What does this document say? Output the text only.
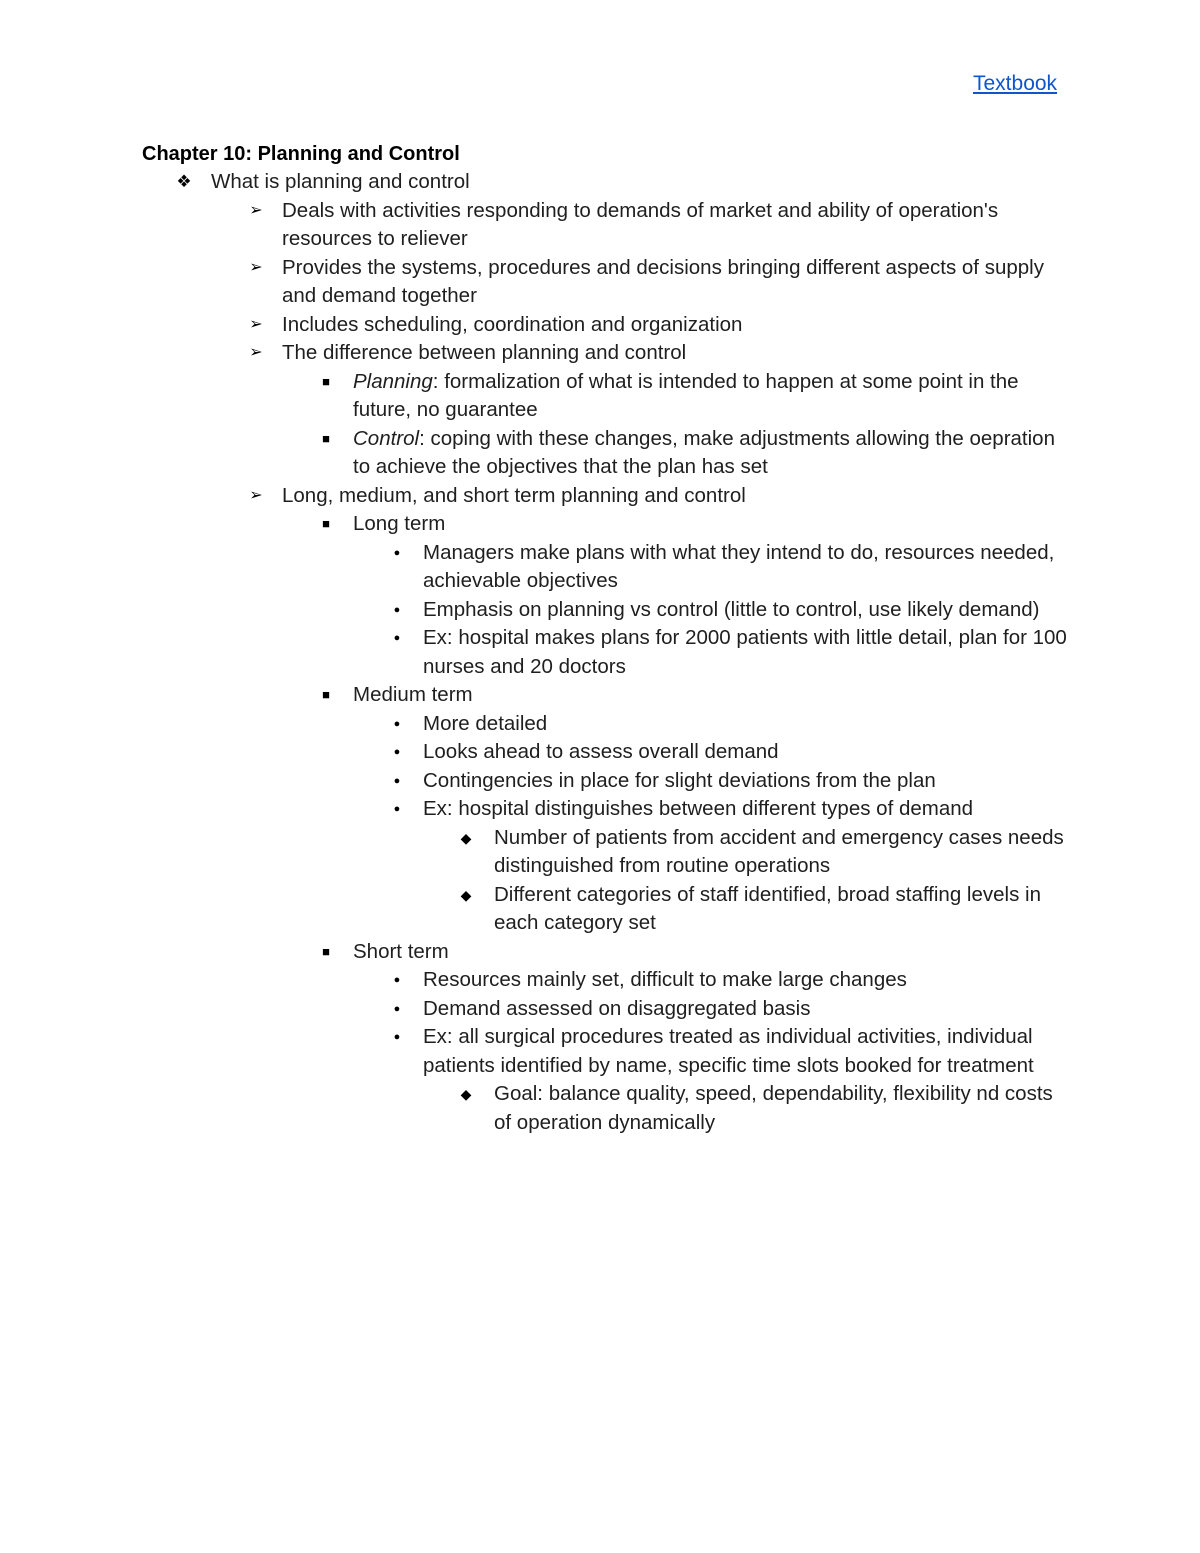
Textbook
Chapter 10: Planning and Control
❖ What is planning and control
➢ Deals with activities responding to demands of market and ability of operation's resources to reliever
➢ Provides the systems, procedures and decisions bringing different aspects of supply and demand together
➢ Includes scheduling, coordination and organization
➢ The difference between planning and control
■	Planning: formalization of what is intended to happen at some point in the future, no guarantee
■	Control: coping with these changes, make adjustments allowing the oepration to achieve the objectives that the plan has set
➢ Long, medium, and short term planning and control
■	Long term
●	Managers make plans with what they intend to do, resources needed, achievable objectives
●	Emphasis on planning vs control (little to control, use likely demand)
●	Ex: hospital makes plans for 2000 patients with little detail, plan for 100 nurses and 20 doctors
■	Medium term
●	More detailed
●	Looks ahead to assess overall demand
●	Contingencies in place for slight deviations from the plan
●	Ex: hospital distinguishes between different types of demand
◆	Number of patients from accident and emergency cases needs distinguished from routine operations
◆	Different categories of staff identified, broad staffing levels in each category set
■	Short term
●	Resources mainly set, difficult to make large changes
●	Demand assessed on disaggregated basis
●	Ex: all surgical procedures treated as individual activities, individual patients identified by name, specific time slots booked for treatment
◆	Goal: balance quality, speed, dependability, flexibility nd costs of operation dynamically
